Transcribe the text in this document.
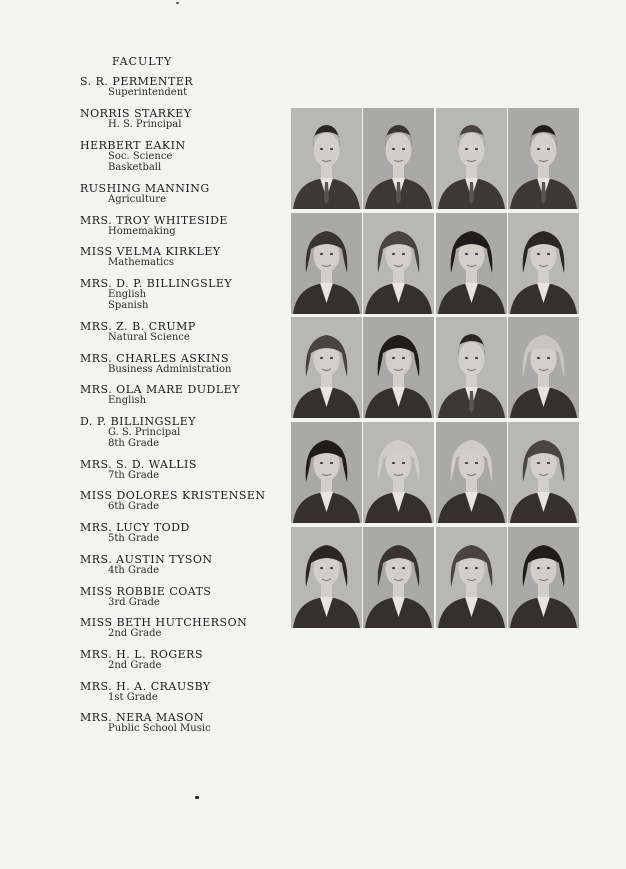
FACULTY
S. R. PERMENTER
Superintendent
NORRIS STARKEY
H. S. Principal
HERBERT EAKIN
Soc. Science
Basketball
RUSHING MANNING
Agriculture
MRS. TROY WHITESIDE
Homemaking
MISS VELMA KIRKLEY
Mathematics
MRS. D. P. BILLINGSLEY
English
Spanish
MRS. Z. B. CRUMP
Natural Science
MRS. CHARLES ASKINS
Business Administration
MRS. OLA MARE DUDLEY
English
D. P. BILLINGSLEY
G. S. Principal
8th Grade
MRS. S. D. WALLIS
7th Grade
MISS DOLORES KRISTENSEN
6th Grade
MRS. LUCY TODD
5th Grade
MRS. AUSTIN TYSON
4th Grade
MISS ROBBIE COATS
3rd Grade
MISS BETH HUTCHERSON
2nd Grade
MRS. H. L. ROGERS
2nd Grade
MRS. H. A. CRAUSBY
1st Grade
MRS. NERA MASON
Public School Music
